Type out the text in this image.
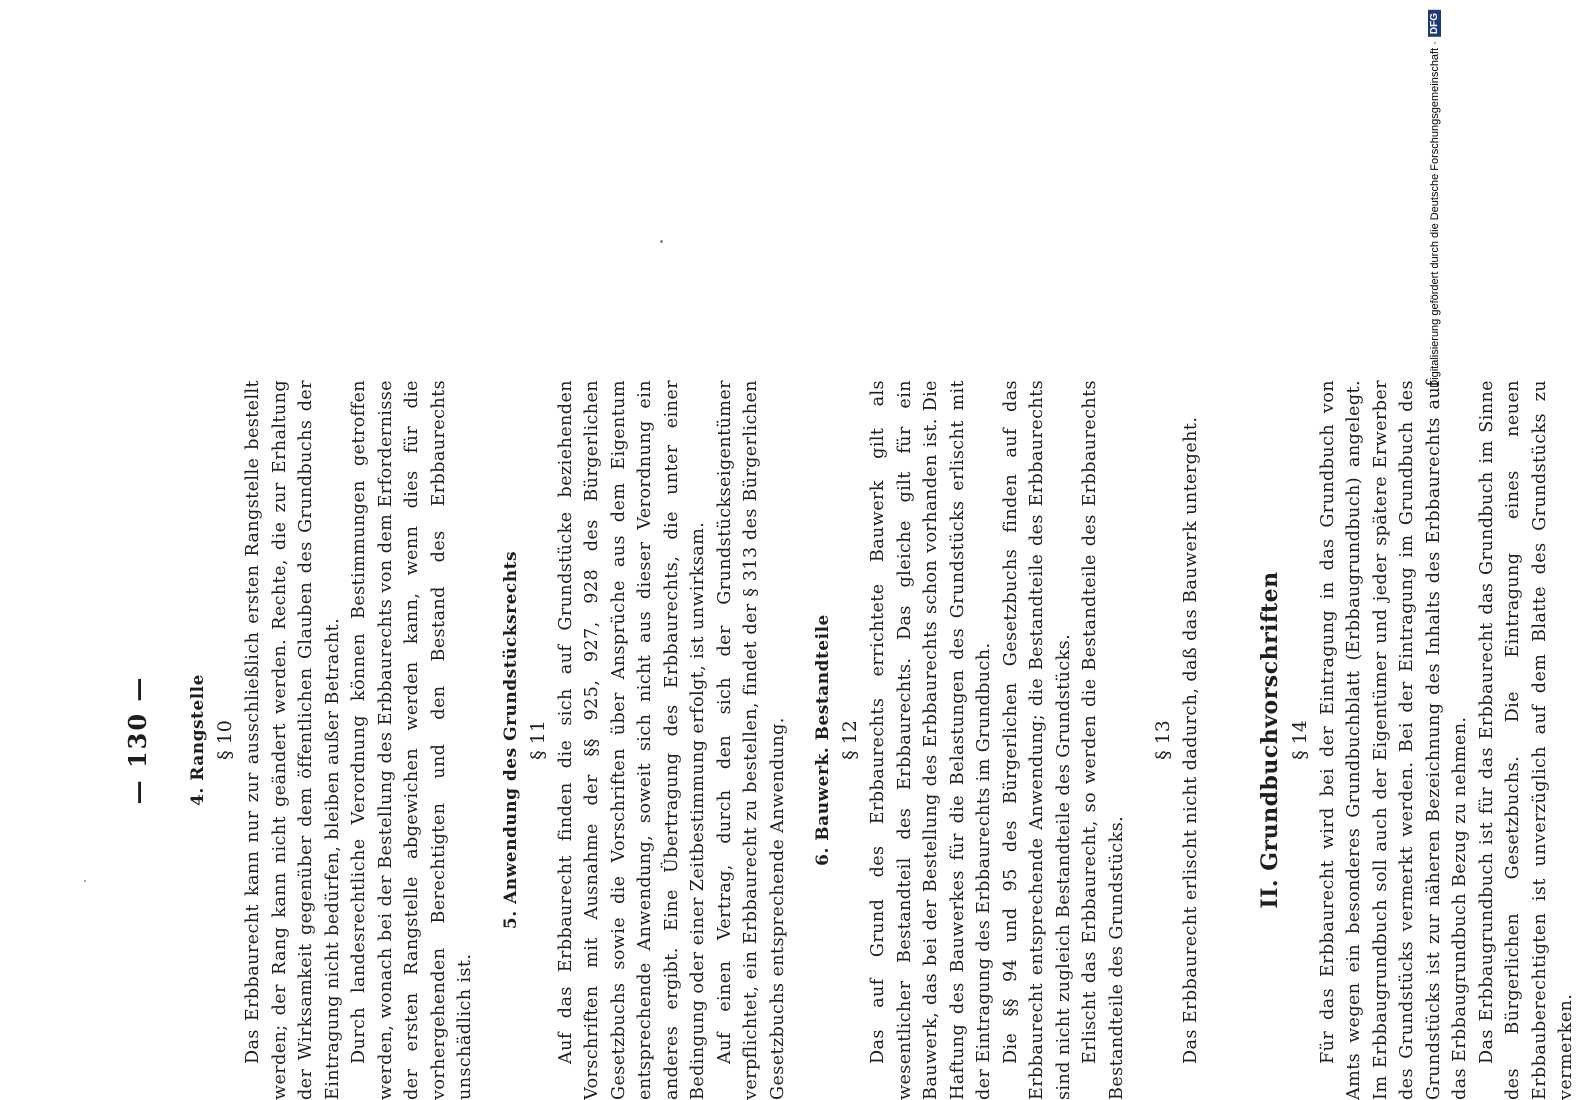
— 130 — 4. Rangstelle § 10 Das Erbbaurecht kann nur zur ausschließlich ersten Rangstelle bestellt werden; der Rang kann nicht geändert werden. Rechte, die zur Erhaltung der Wirksamkeit gegenüber dem öffentlichen Glauben des Grundbuchs der Eintragung nicht bedürfen, bleiben außer Betracht. Durch landesrechtliche Verordnung können Bestimmungen getroffen werden, wonach bei der Bestellung des Erbbaurechts von dem Erfordernisse der ersten Rangstelle abgewichen werden kann, wenn dies für die vorhergehenden Berechtigten und den Bestand des Erbbaurechts unschädlich ist.

5. Anwendung des Grundstücksrechts § 11 Auf das Erbbaurecht finden die sich auf Grundstücke beziehenden Vorschriften mit Ausnahme der §§ 925, 927, 928 des Bürgerlichen Gesetzbuchs sowie die Vorschriften über Ansprüche aus dem Eigentum entsprechende Anwendung, soweit sich nicht aus dieser Verordnung ein anderes ergibt. Eine Übertragung des Erbbaurechts, die unter einer Bedingung oder einer Zeitbestimmung erfolgt, ist unwirksam. Auf einen Vertrag, durch den sich der Grundstückseigentümer verpflichtet, ein Erbbaurecht zu bestellen, findet der § 313 des Bürgerlichen Gesetzbuchs entsprechende Anwendung. 6. Bauwerk. Bestandteile § 12 Das auf Grund des Erbbaurechts errichtete Bauwerk gilt als wesentlicher Bestandteil des Erbbaurechts. Das gleiche gilt für ein Bauwerk, das bei der Bestellung des Erbbaurechts schon vorhanden ist. Die Haftung des Bauwerkes für die Belastungen des Grundstücks erlischt mit der Eintragung des Erbbaurechts im Grundbuch. Die §§ 94 und 95 des Bürgerlichen Gesetzbuchs finden auf das Erbbaurecht entsprechende Anwendung; die Bestandteile des Erbbaurechts sind nicht zugleich Bestandteile des Grundstücks. Erlischt das Erbbaurecht, so werden die Bestandteile des Erbbaurechts Bestandteile des Grundstücks.

§ 13 Das Erbbaurecht erlischt nicht dadurch, daß das Bauwerk untergeht.	II. Grundbuchvorschriften § 14 Für das Erbbaurecht wird bei der Eintragung in das Grundbuch von Amts wegen ein besonderes Grundbuchblatt (Erbbaugrundbuch) angelegt. Im Erbbaugrundbuch soll auch der Eigentümer und jeder spätere Erwerber des Grundstücks vermerkt werden. Bei der Eintragung im Grundbuch des Grundstücks ist zur näheren Bezeichnung des Inhalts des Erbbaurechts auf das Erbbaugrundbuch Bezug zu nehmen. Das Erbbaugrundbuch ist für das Erbbaurecht das Grundbuch im Sinne des Bürgerlichen Gesetzbuchs. Die Eintragung eines neuen Erbbauberechtigten ist unverzüglich auf dem Blatte des Grundstücks zu vermerken.

Digitalisierung gefördert durch die Deutsche Forschungsgemeinschaft ·
DFG
